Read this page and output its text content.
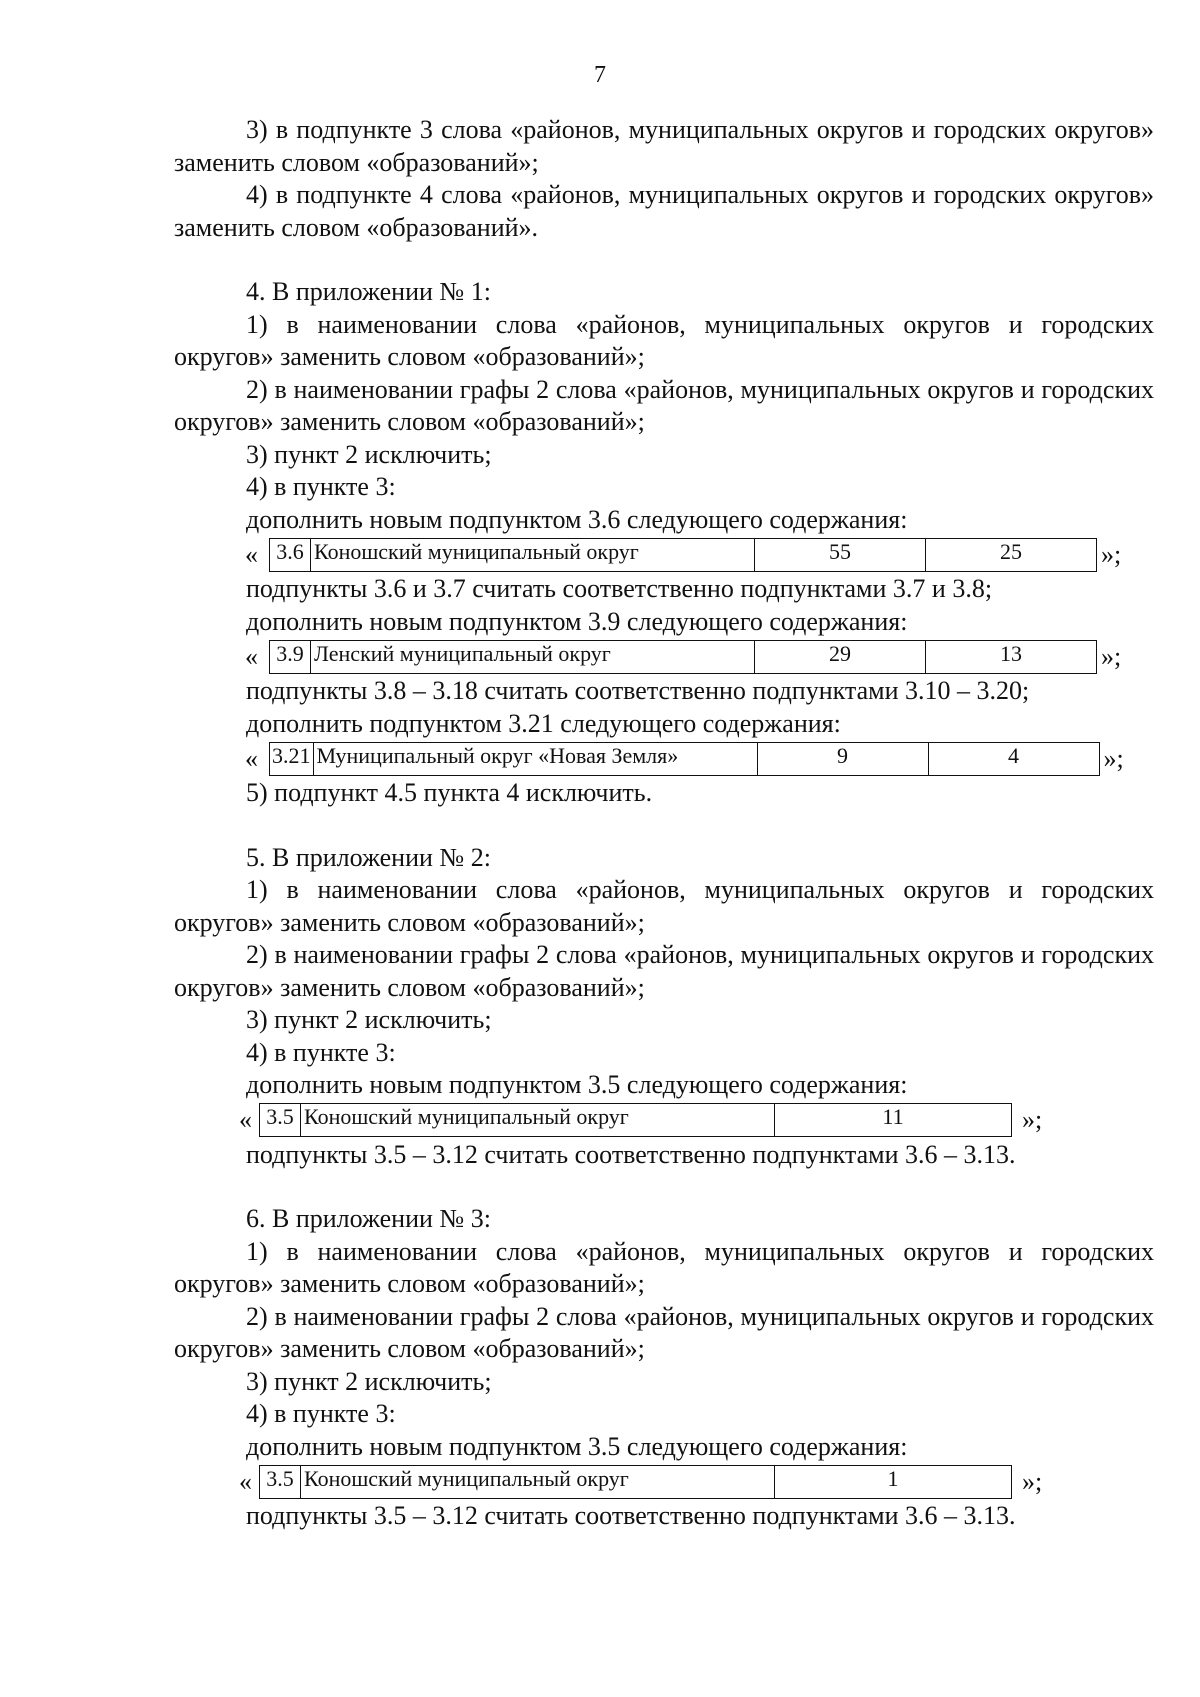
7

3) в подпункте 3 слова «районов, муниципальных округов и городских округов» заменить словом «образований»;

4) в подпункте 4 слова «районов, муниципальных округов и городских округов» заменить словом «образований».

4. В приложении № 1:

1) в наименовании слова «районов, муниципальных округов и городских округов» заменить словом «образований»;

2) в наименовании графы 2 слова «районов, муниципальных округов и городских округов» заменить словом «образований»;

3) пункт 2 исключить;

4) в пункте 3:

дополнить новым подпунктом 3.6 следующего содержания:

« 3.6	Коношский муниципальный округ	55	25	»;

подпункты 3.6 и 3.7 считать соответственно подпунктами 3.7 и 3.8;

дополнить новым подпунктом 3.9 следующего содержания:

« 3.9	Ленский муниципальный округ	29	13	»;

подпункты 3.8 – 3.18 считать соответственно подпунктами 3.10 – 3.20;

дополнить подпунктом 3.21 следующего содержания:

« 3.21	Муниципальный округ «Новая Земля»	9	4	»;

5) подпункт 4.5 пункта 4 исключить.

5. В приложении № 2:

1) в наименовании слова «районов, муниципальных округов и городских округов» заменить словом «образований»;

2) в наименовании графы 2 слова «районов, муниципальных округов и городских округов» заменить словом «образований»;

3) пункт 2 исключить;

4) в пункте 3:

дополнить новым подпунктом 3.5 следующего содержания:

« 3.5	Коношский муниципальный округ	11	»;

подпункты 3.5 – 3.12 считать соответственно подпунктами 3.6 – 3.13.

6. В приложении № 3:

1) в наименовании слова «районов, муниципальных округов и городских округов» заменить словом «образований»;

2) в наименовании графы 2 слова «районов, муниципальных округов и городских округов» заменить словом «образований»;

3) пункт 2 исключить;

4) в пункте 3:

дополнить новым подпунктом 3.5 следующего содержания:

« 3.5	Коношский муниципальный округ	1	»;

подпункты 3.5 – 3.12 считать соответственно подпунктами 3.6 – 3.13.
